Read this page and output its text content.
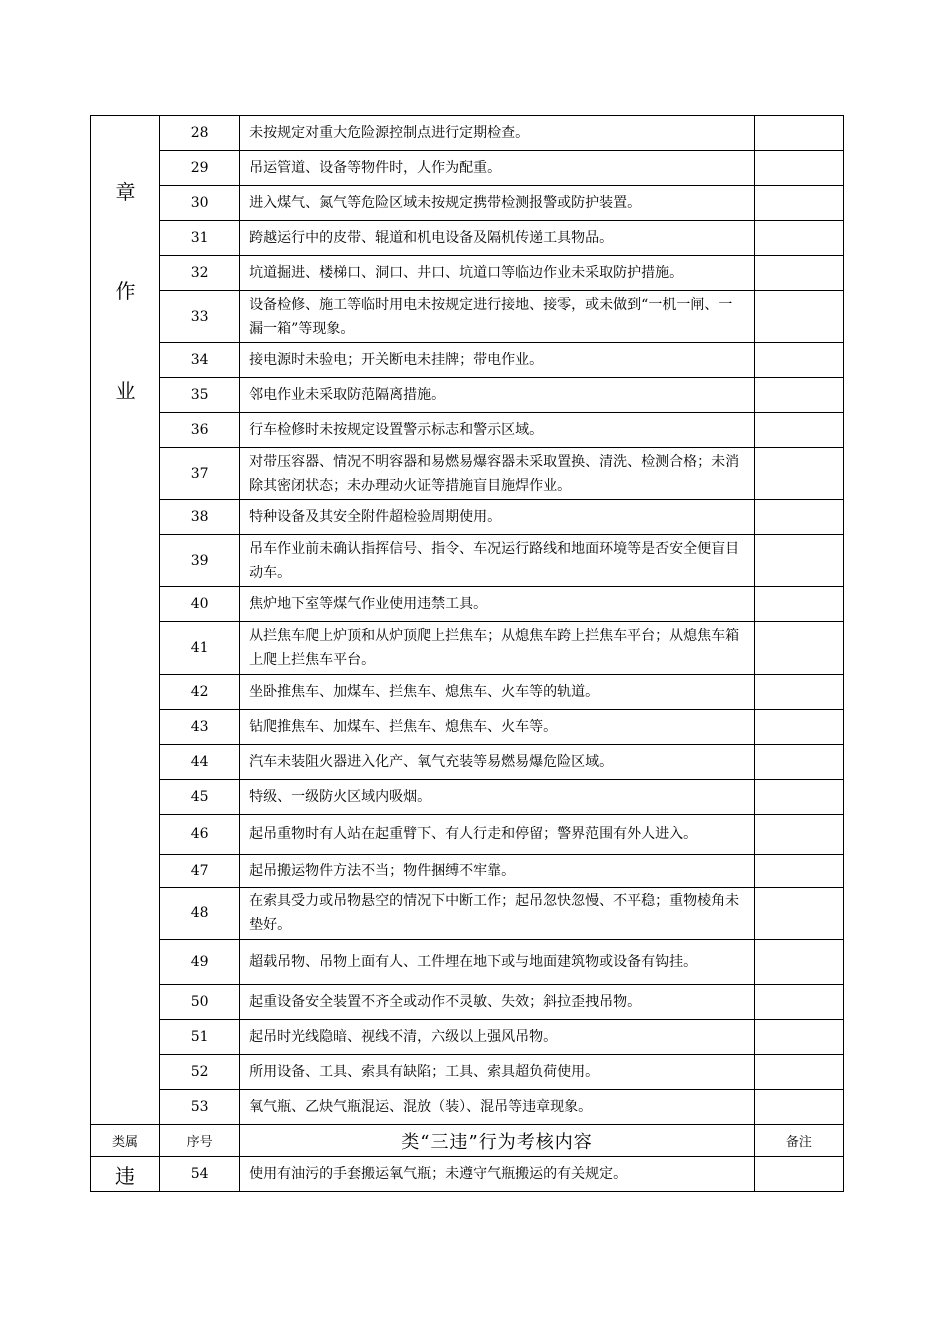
章
作
业	28	未按规定对重大危险源控制点进行定期检查。	
	29	吊运管道、设备等物件时，人作为配重。	
	30	进入煤气、氮气等危险区域未按规定携带检测报警或防护装置。	
	31	跨越运行中的皮带、辊道和机电设备及隔机传递工具物品。	
	32	坑道掘进、楼梯口、洞口、井口、坑道口等临边作业未采取防护措施。	
	33	设备检修、施工等临时用电未按规定进行接地、接零，或未做到“一机一闸、一漏一箱”等现象。	
	34	接电源时未验电；开关断电未挂牌；带电作业。	
	35	邻电作业未采取防范隔离措施。	
	36	行车检修时未按规定设置警示标志和警示区域。	
	37	对带压容器、情况不明容器和易燃易爆容器未采取置换、清洗、检测合格；未消除其密闭状态；未办理动火证等措施盲目施焊作业。	
	38	特种设备及其安全附件超检验周期使用。	
	39	吊车作业前未确认指挥信号、指令、车况运行路线和地面环境等是否安全便盲目动车。	
	40	焦炉地下室等煤气作业使用违禁工具。	
	41	从拦焦车爬上炉顶和从炉顶爬上拦焦车；从熄焦车跨上拦焦车平台；从熄焦车箱上爬上拦焦车平台。	
	42	坐卧推焦车、加煤车、拦焦车、熄焦车、火车等的轨道。	
	43	钻爬推焦车、加煤车、拦焦车、熄焦车、火车等。	
	44	汽车未装阻火器进入化产、氧气充装等易燃易爆危险区域。	
	45	特级、一级防火区域内吸烟。	
	46	起吊重物时有人站在起重臂下、有人行走和停留；警界范围有外人进入。	
	47	起吊搬运物件方法不当；物件捆缚不牢靠。	
	48	在索具受力或吊物悬空的情况下中断工作；起吊忽快忽慢、不平稳；重物棱角未垫好。	
	49	超载吊物、吊物上面有人、工件埋在地下或与地面建筑物或设备有钩挂。	
	50	起重设备安全装置不齐全或动作不灵敏、失效；斜拉歪拽吊物。	
	51	起吊时光线隐暗、视线不清，六级以上强风吊物。	
	52	所用设备、工具、索具有缺陷；工具、索具超负荷使用。	
	53	氧气瓶、乙炔气瓶混运、混放（装）、混吊等违章现象。	
类属	序号	类“三违”行为考核内容	备注
违	54	使用有油污的手套搬运氧气瓶；未遵守气瓶搬运的有关规定。	
